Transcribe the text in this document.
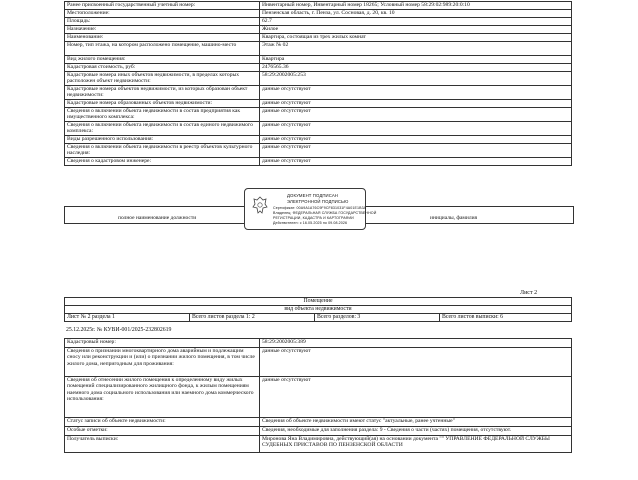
Ранее присвоенный государственный учетный номер:	Инвентарный номер, Инвентарный номер 18265; Условный номер 58:29:02:989:20:0:10
Местоположение:	Пензенская область, г. Пенза, ул. Сосновая, д. 20, кв. 10
Площадь:	62.7
Назначение:	Жилое
Наименование:	Квартира, состоящая из трех жилых комнат
Номер, тип этажа, на котором расположено помещение, машино-место	Этаж № 02
Вид жилого помещения:	Квартира
Кадастровая стоимость, руб:	2476565.36
Кадастровые номера иных объектов недвижимости, в пределах которых расположен объект недвижимости:	58:29:2002005:253
Кадастровые номера объектов недвижимости, из которых образован объект недвижимости:	данные отсутствуют
Кадастровые номера образованных объектов недвижимости:	данные отсутствуют
Сведения о включении объекта недвижимости в состав предприятия как имущественного комплекса:	данные отсутствуют
Сведения о включении объекта недвижимости в состав единого недвижимого комплекса:	данные отсутствуют
Виды разрешенного использования:	данные отсутствуют
Сведения о включении объекта недвижимости в реестр объектов культурного наследия:	данные отсутствуют
Сведения о кадастровом инженере:	данные отсутствуют
полное наименование должности	инициалы, фамилия
ДОКУМЕНТ ПОДПИСАН
ЭЛЕКТРОННОЙ ПОДПИСЬЮ
Сертификат: 00A9A1A76C9F9CF831031F4A01E1B3A
Владелец: ФЕДЕРАЛЬНАЯ СЛУЖБА ГОСУДАРСТВЕННОЙ
РЕГИСТРАЦИИ, КАДАСТРА И КАРТОГРАФИИ
Действителен: с 16.05.2025 по 09.08.2026
Лист 2
Помещение
вид объекта недвижимости
Лист № 2 раздела 1	Всего листов раздела 1: 2	Всего разделов: 3	Всего листов выписки: 6
25.12.2025г. № КУВИ-001/2025-232802619
Кадастровый номер:	58:29:2002005:389
Сведения о признании многоквартирного дома аварийным и подлежащим сносу или реконструкции и (или) о признании жилого помещения, в том числе жилого дома, непригодным для проживания:	данные отсутствуют
Сведения об отнесении жилого помещения к определенному виду жилых помещений специализированного жилищного фонда, к жилым помещениям наемного дома социального использования или наемного дома коммерческого использования:	данные отсутствуют
Статус записи об объекте недвижимости:	Сведения об объекте недвижимости имеют статус "актуальные, ранее учтенные"
Особые отметки:	Сведения, необходимые для заполнения раздела: 9 - Сведения о части (частях) помещения, отсутствуют.
Получатель выписки:	Миронова Яна Владимировна, действующий(ая) на основании документа "" УПРАВЛЕНИЕ ФЕДЕРАЛЬНОЙ СЛУЖБЫ СУДЕБНЫХ ПРИСТАВОВ ПО ПЕНЗЕНСКОЙ ОБЛАСТИ
